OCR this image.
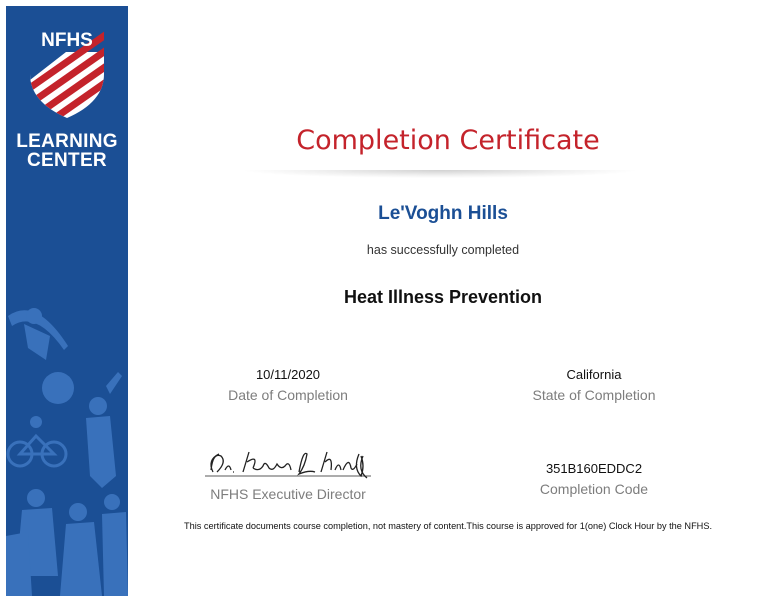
NFHS
LEARNING
CENTER
Completion Certificate
Le'Voghn Hills
has successfully completed
Heat Illness Prevention
10/11/2020
Date of Completion
California
State of Completion
NFHS Executive Director
351B160EDDC2
Completion Code
This certificate documents course completion, not mastery of content.This course is approved for 1(one) Clock Hour by the NFHS.
